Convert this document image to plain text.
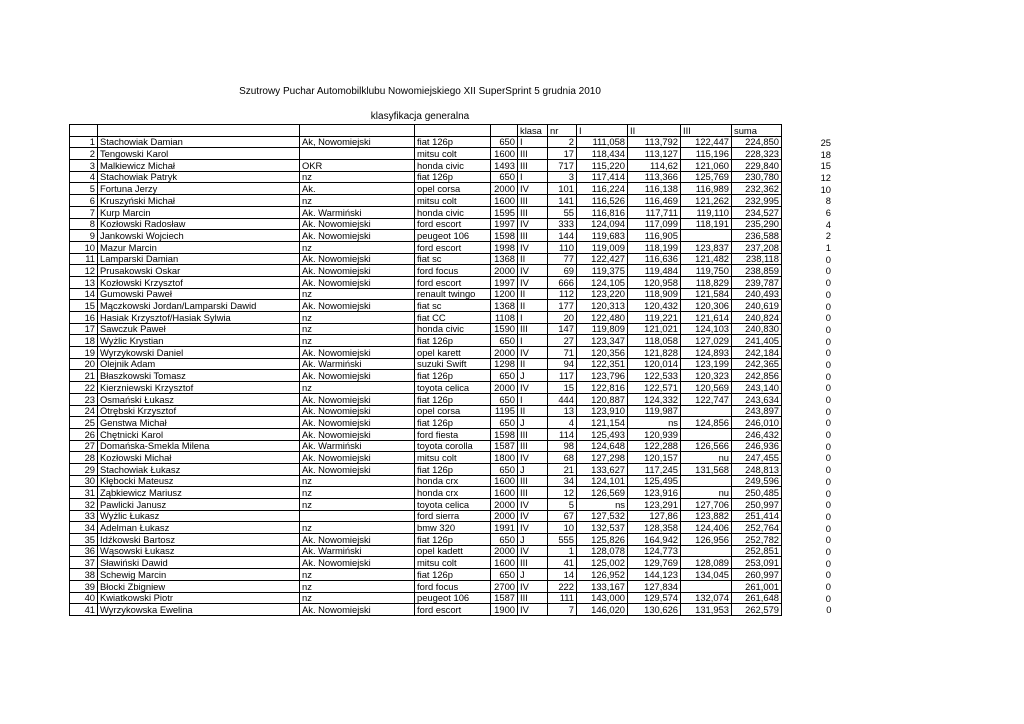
Szutrowy Puchar Automobilklubu Nowomiejskiego XII SuperSprint 5 grudnia 2010
klasyfikacja generalna
					klasa	nr	I	II	III	suma	
1	Stachowiak Damian	Ak, Nowomiejski	fiat 126p	650	I	2	111,058	113,792	122,447	224,850	25
2	Tengowski Karol		mitsu colt	1600	III	17	118,434	113,127	115,196	228,323	18
3	Malkiewicz Michał	OKR	honda civic	1493	III	717	115,220	114,62	121,060	229,840	15
4	Stachowiak Patryk	nz	fiat 126p	650	I	3	117,414	113,366	125,769	230,780	12
5	Fortuna Jerzy	Ak.	opel corsa	2000	IV	101	116,224	116,138	116,989	232,362	10
6	Kruszyński Michał	nz	mitsu colt	1600	III	141	116,526	116,469	121,262	232,995	8
7	Kurp Marcin	Ak. Warmiński	honda civic	1595	III	55	116,816	117,711	119,110	234,527	6
8	Kozłowski Radosław	Ak. Nowomiejski	ford escort	1997	IV	333	124,094	117,099	118,191	235,290	4
9	Jankowski Wojciech	Ak. Nowomiejski	peugeot 106	1598	III	144	119,683	116,905		236,588	2
10	Mazur Marcin	nz	ford escort	1998	IV	110	119,009	118,199	123,837	237,208	1
11	Lamparski Damian	Ak. Nowomiejski	fiat sc	1368	II	77	122,427	116,636	121,482	238,118	0
12	Prusakowski Oskar	Ak. Nowomiejski	ford focus	2000	IV	69	119,375	119,484	119,750	238,859	0
13	Kozłowski Krzysztof	Ak. Nowomiejski	ford escort	1997	IV	666	124,105	120,958	118,829	239,787	0
14	Gumowski Paweł	nz	renault twingo	1200	II	112	123,220	118,909	121,584	240,493	0
15	Mączkowski Jordan/Lamparski Dawid	Ak. Nowomiejski	fiat sc	1368	II	177	120,313	120,432	120,306	240,619	0
16	Hasiak Krzysztof/Hasiak Sylwia	nz	fiat CC	1108	I	20	122,480	119,221	121,614	240,824	0
17	Sawczuk Paweł	nz	honda civic	1590	III	147	119,809	121,021	124,103	240,830	0
18	Wyżlic Krystian	nz	fiat 126p	650	I	27	123,347	118,058	127,029	241,405	0
19	Wyrzykowski Daniel	Ak. Nowomiejski	opel karett	2000	IV	71	120,356	121,828	124,893	242,184	0
20	Olejnik Adam	Ak. Warmiński	suzuki Swift	1298	II	94	122,351	120,014	123,199	242,365	0
21	Błaszkowski Tomasz	Ak. Nowomiejski	fiat 126p	650	J	117	123,796	122,533	120,323	242,856	0
22	Kierzniewski Krzysztof	nz	toyota celica	2000	IV	15	122,816	122,571	120,569	243,140	0
23	Osmański Łukasz	Ak. Nowomiejski	fiat 126p	650	I	444	120,887	124,332	122,747	243,634	0
24	Otrębski Krzysztof	Ak. Nowomiejski	opel corsa	1195	II	13	123,910	119,987		243,897	0
25	Genstwa Michał	Ak. Nowomiejski	fiat 126p	650	J	4	121,154	ns	124,856	246,010	0
26	Chętnicki Karol	Ak. Nowomiejski	ford fiesta	1598	III	114	125,493	120,939		246,432	0
27	Domańska-Smekla Milena	Ak. Warmiński	toyota corolla	1587	III	98	124,648	122,288	126,566	246,936	0
28	Kozłowski Michał	Ak. Nowomiejski	mitsu colt	1800	IV	68	127,298	120,157	nu	247,455	0
29	Stachowiak Łukasz	Ak. Nowomiejski	fiat 126p	650	J	21	133,627	117,245	131,568	248,813	0
30	Kłębocki Mateusz	nz	honda crx	1600	III	34	124,101	125,495		249,596	0
31	Ząbkiewicz Mariusz	nz	honda crx	1600	III	12	126,569	123,916	nu	250,485	0
32	Pawlicki Janusz	nz	toyota celica	2000	IV	5	ns	123,291	127,706	250,997	0
33	Wyżlic Łukasz		ford sierra	2000	IV	67	127,532	127,86	123,882	251,414	0
34	Adelman Łukasz	nz	bmw 320	1991	IV	10	132,537	128,358	124,406	252,764	0
35	Idźkowski Bartosz	Ak. Nowomiejski	fiat 126p	650	J	555	125,826	164,942	126,956	252,782	0
36	Wąsowski Łukasz	Ak. Warmiński	opel kadett	2000	IV	1	128,078	124,773		252,851	0
37	Sławiński Dawid	Ak. Nowomiejski	mitsu colt	1600	III	41	125,002	129,769	128,089	253,091	0
38	Schewig Marcin	nz	fiat 126p	650	J	14	126,952	144,123	134,045	260,997	0
39	Błocki Zbigniew	nz	ford focus	2700	IV	222	133,167	127,834		261,001	0
40	Kwiatkowski Piotr	nz	peugeot 106	1587	III	111	143,000	129,574	132,074	261,648	0
41	Wyrzykowska Ewelina	Ak. Nowomiejski	ford escort	1900	IV	7	146,020	130,626	131,953	262,579	0
